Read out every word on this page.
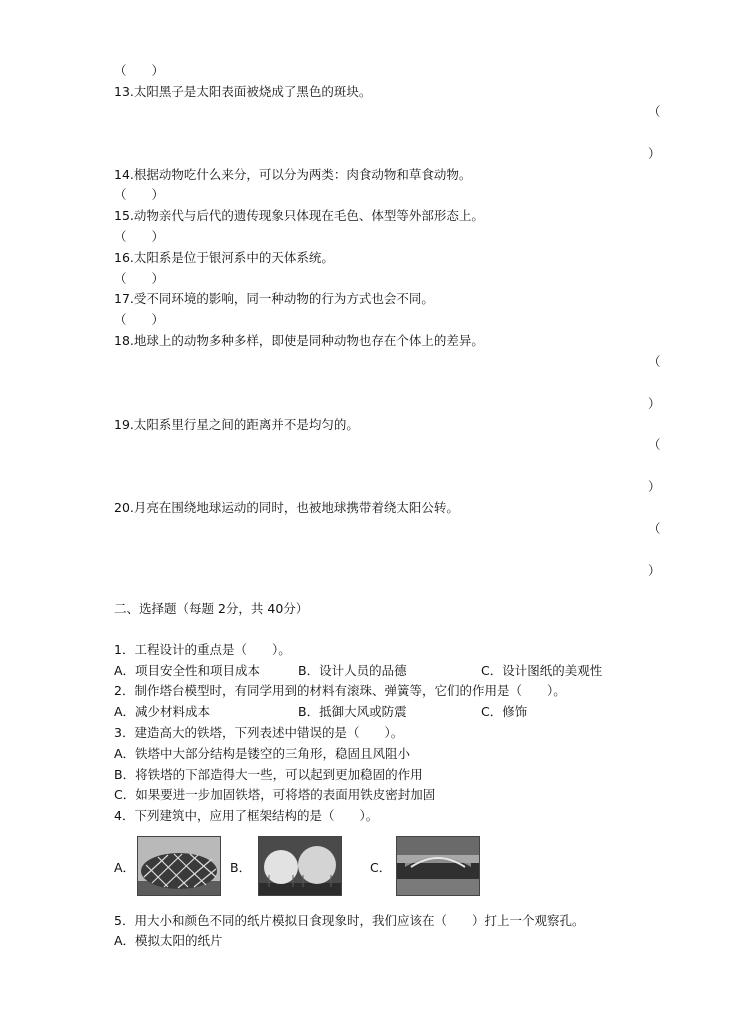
（　　）
13.太阳黑子是太阳表面被烧成了黑色的斑块。
（
）
14.根据动物吃什么来分，可以分为两类：肉食动物和草食动物。
（　　）
15.动物亲代与后代的遗传现象只体现在毛色、体型等外部形态上。
（　　）
16.太阳系是位于银河系中的天体系统。
（　　）
17.受不同环境的影响，同一种动物的行为方式也会不同。
（　　）
18.地球上的动物多种多样，即使是同种动物也存在个体上的差异。
（
）
19.太阳系里行星之间的距离并不是均匀的。
（
）
20.月亮在围绕地球运动的同时，也被地球携带着绕太阳公转。
（
）
二、选择题（每题 2分，共 40分）
1．工程设计的重点是（　　）。
A．项目安全性和项目成本	B．设计人员的品德	C．设计图纸的美观性
2．制作塔台模型时，有同学用到的材料有滚珠、弹簧等，它们的作用是（　　）。
A．减少材料成本	B．抵御大风或防震	C．修饰
3．建造高大的铁塔，下列表述中错误的是（　　）。
A．铁塔中大部分结构是镂空的三角形，稳固且风阻小
B．将铁塔的下部造得大一些，可以起到更加稳固的作用
C．如果要进一步加固铁塔，可将塔的表面用铁皮密封加固
4．下列建筑中，应用了框架结构的是（　　）。
A．	B．	C．
5．用大小和颜色不同的纸片模拟日食现象时，我们应该在（　　）打上一个观察孔。
A．模拟太阳的纸片
